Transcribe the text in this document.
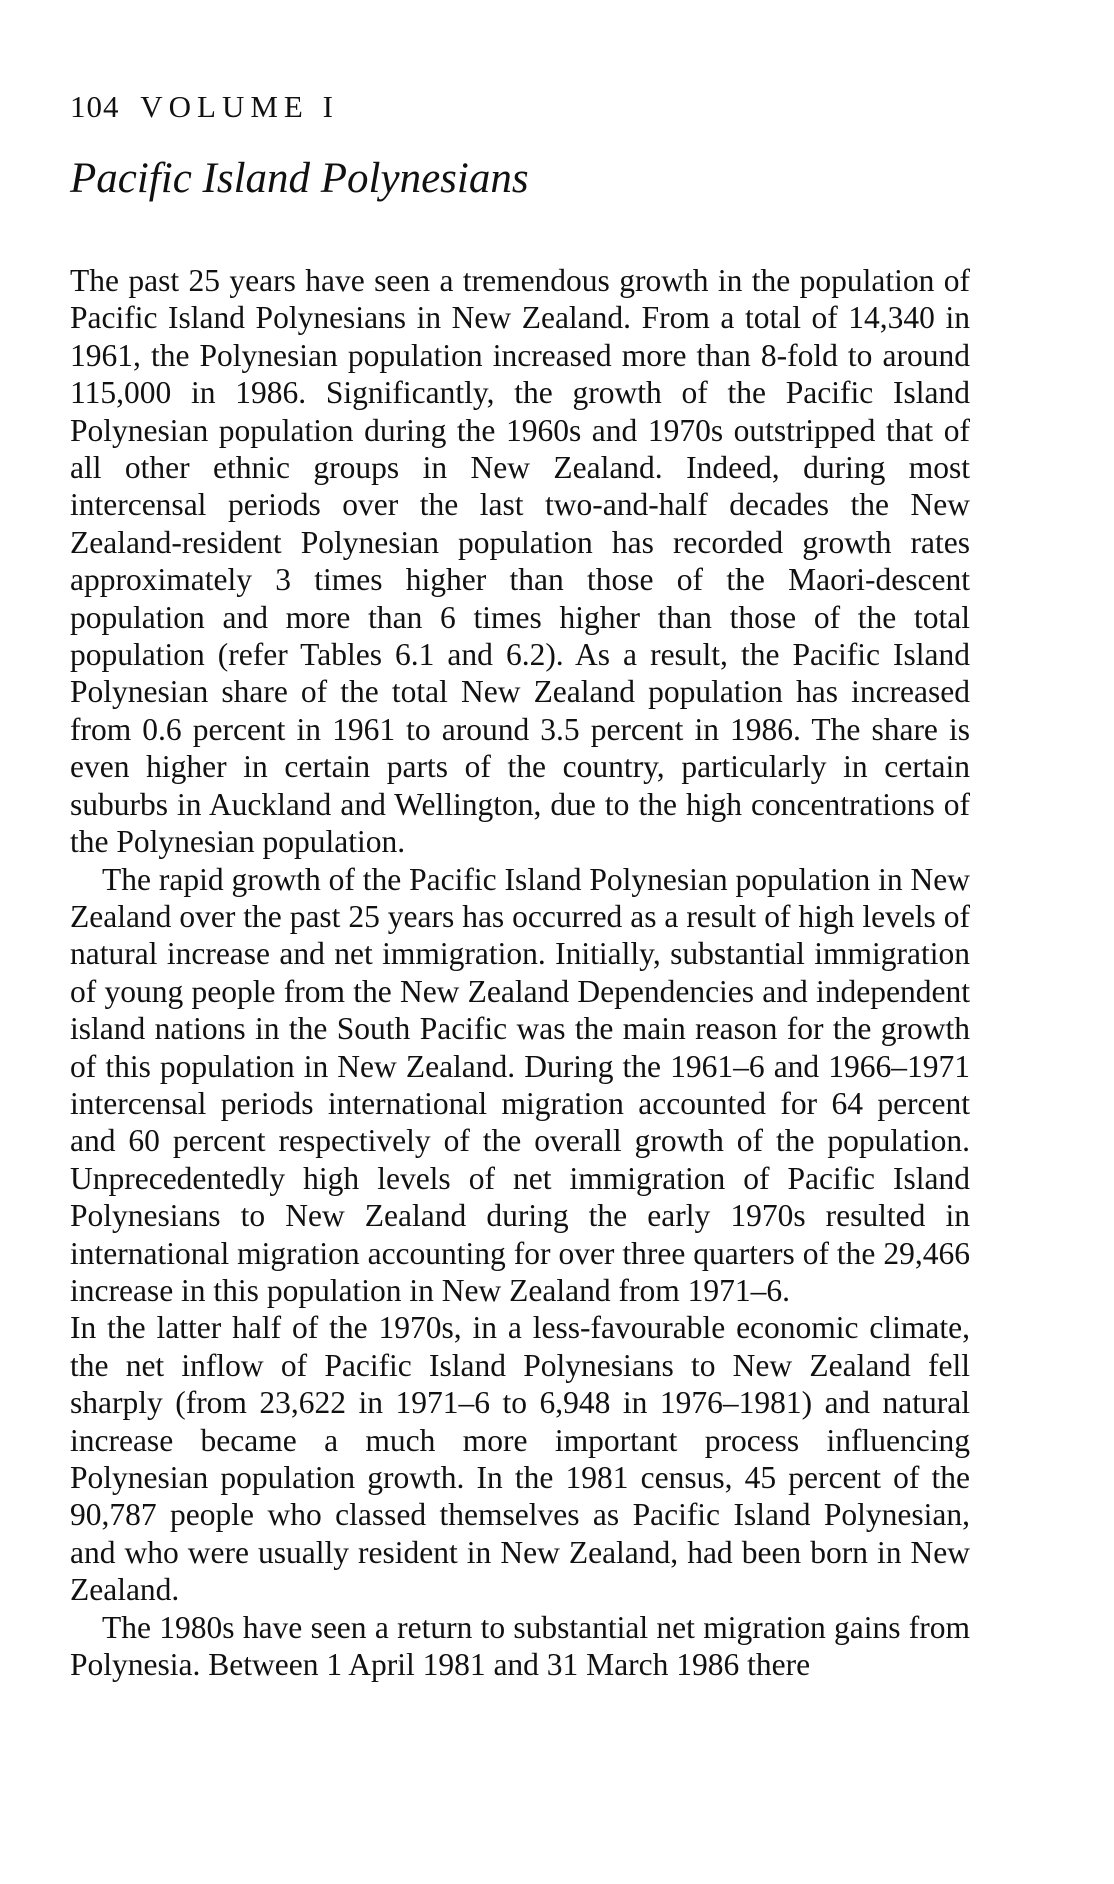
104 VOLUME I
Pacific Island Polynesians

The past 25 years have seen a tremendous growth in the population of Pacific Island Polynesians in New Zealand. From a total of 14,340 in 1961, the Polynesian population increased more than 8-fold to around 115,000 in 1986. Significantly, the growth of the Pacific Island Polynesian population during the 1960s and 1970s outstripped that of all other ethnic groups in New Zealand. Indeed, during most intercensal periods over the last two-and-half decades the New Zealand-resident Polynesian population has recorded growth rates approximately 3 times higher than those of the Maori-descent population and more than 6 times higher than those of the total population (refer Tables 6.1 and 6.2). As a result, the Pacific Island Polynesian share of the total New Zealand population has increased from 0.6 percent in 1961 to around 3.5 percent in 1986. The share is even higher in certain parts of the country, particularly in certain suburbs in Auckland and Wellington, due to the high concentrations of the Polynesian population.

The rapid growth of the Pacific Island Polynesian population in New Zealand over the past 25 years has occurred as a result of high levels of natural increase and net immigration. Initially, substantial immigration of young people from the New Zealand Dependencies and independent island nations in the South Pacific was the main reason for the growth of this population in New Zealand. During the 1961–6 and 1966–1971 intercensal periods international migration accounted for 64 percent and 60 percent respectively of the overall growth of the population. Unprecedentedly high levels of net immigration of Pacific Island Polynesians to New Zealand during the early 1970s resulted in international migration accounting for over three quarters of the 29,466 increase in this population in New Zealand from 1971–6.

In the latter half of the 1970s, in a less-favourable economic climate, the net inflow of Pacific Island Polynesians to New Zealand fell sharply (from 23,622 in 1971–6 to 6,948 in 1976–1981) and natural increase became a much more important process influencing Polynesian population growth. In the 1981 census, 45 percent of the 90,787 people who classed themselves as Pacific Island Polynesian, and who were usually resident in New Zealand, had been born in New Zealand.

The 1980s have seen a return to substantial net migration gains from Polynesia. Between 1 April 1981 and 31 March 1986 there
